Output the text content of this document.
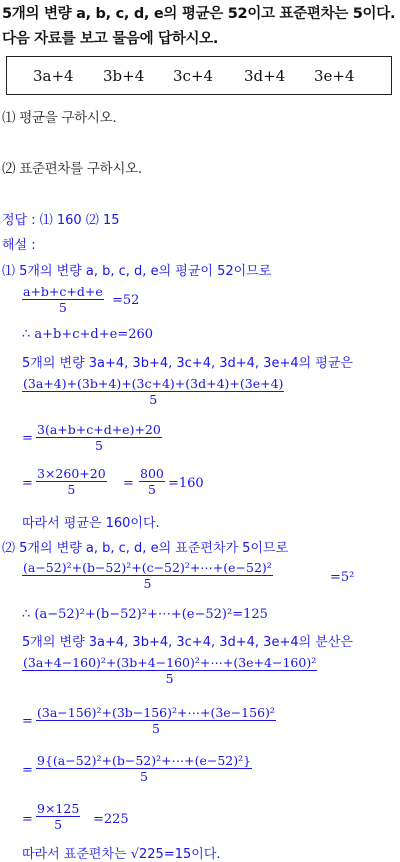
5개의 변량 a, b, c, d, e의 평균은 52이고 표준편차는 5이다.
다음 자료를 보고 물음에 답하시오.
3a+4 3b+4 3c+4 3d+4 3e+4
⑴ 평균을 구하시오.
⑵ 표준편차를 구하시오.
정답 : ⑴ 160 ⑵ 15
해설 :
⑴ 5개의 변량 a, b, c, d, e의 평균이 52이므로
a+b+c+d+e
5	=52
∴ a+b+c+d+e=260
5개의 변량 3a+4, 3b+4, 3c+4, 3d+4, 3e+4의 평균은
(3a+4)+(3b+4)+(3c+4)+(3d+4)+(3e+4)
5
=
3(a+b+c+d+e)+20
5
=
3×260+20
5	=
800
5 =160
따라서 평균은 160이다.
⑵ 5개의 변량 a, b, c, d, e의 표준편차가 5이므로
(a−52)²+(b−52)²+(c−52)²+⋯+(e−52)²
5	=5²
∴ (a−52)²+(b−52)²+⋯+(e−52)²=125
5개의 변량 3a+4, 3b+4, 3c+4, 3d+4, 3e+4의 분산은
(3a+4−160)²+(3b+4−160)²+⋯+(3e+4−160)²
5
=
(3a−156)²+(3b−156)²+⋯+(3e−156)²
5
=
9{(a−52)²+(b−52)²+⋯+(e−52)²}
5
=
9×125
5	=225
따라서 표준편차는 √225=15이다.
